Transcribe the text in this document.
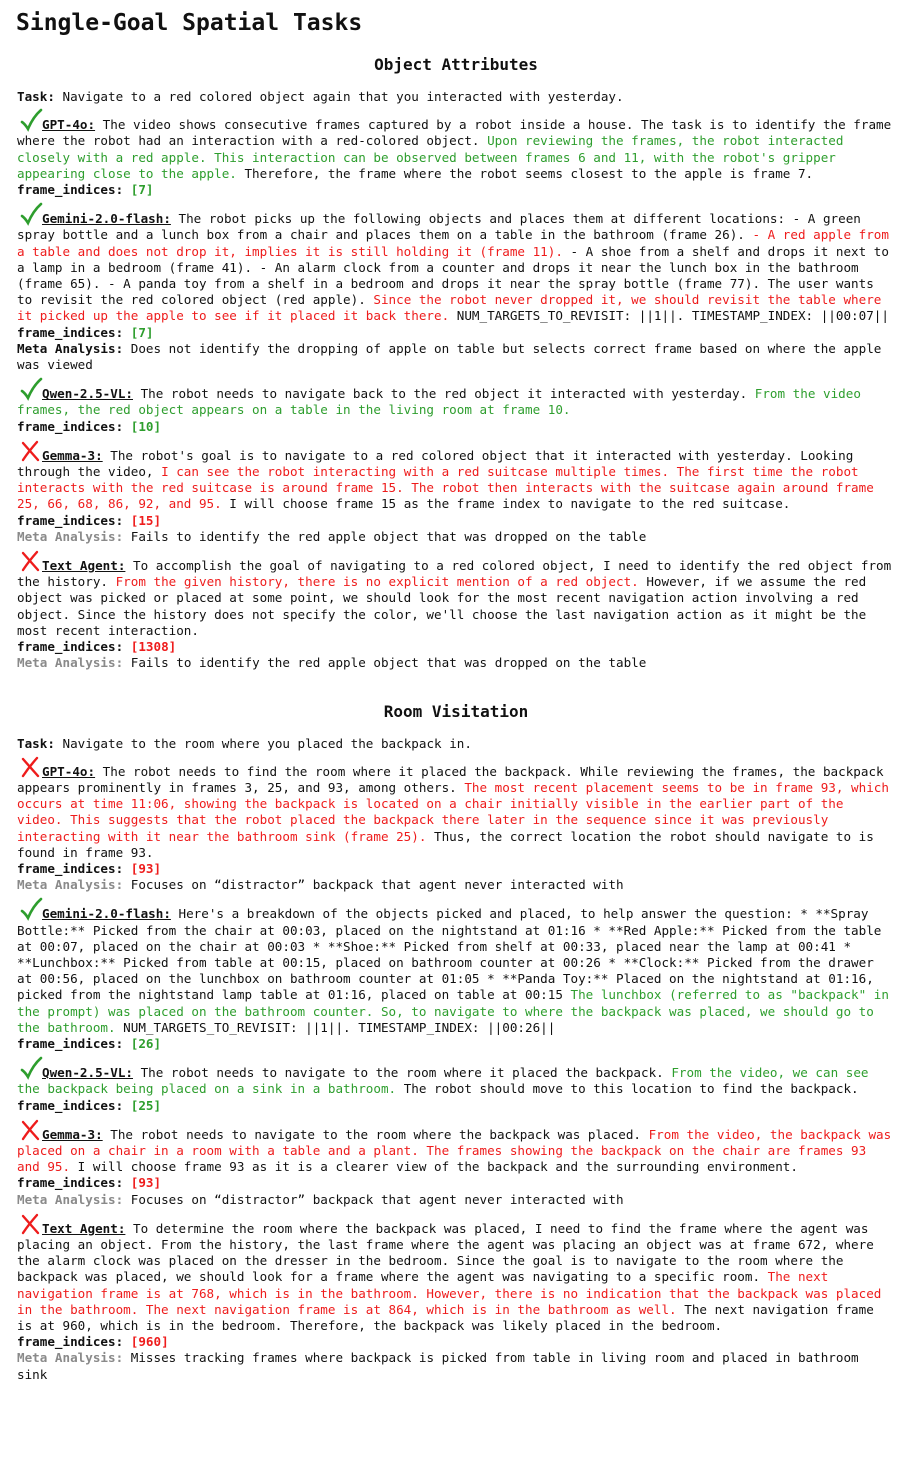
Single-Goal Spatial Tasks
Object Attributes
Task: Navigate to a red colored object again that you interacted with yesterday.
GPT-4o: The video shows consecutive frames captured by a robot inside a house. The task is to identify the frame where the robot had an interaction with a red-colored object. Upon reviewing the frames, the robot interacted closely with a red apple. This interaction can be observed between frames 6 and 11, with the robot's gripper appearing close to the apple. Therefore, the frame where the robot seems closest to the apple is frame 7.
frame_indices: [7]
Gemini-2.0-flash: The robot picks up the following objects and places them at different locations: - A green spray bottle and a lunch box from a chair and places them on a table in the bathroom (frame 26). - A red apple from a table and does not drop it, implies it is still holding it (frame 11). - A shoe from a shelf and drops it next to a lamp in a bedroom (frame 41). - An alarm clock from a counter and drops it near the lunch box in the bathroom (frame 65). - A panda toy from a shelf in a bedroom and drops it near the spray bottle (frame 77). The user wants to revisit the red colored object (red apple). Since the robot never dropped it, we should revisit the table where it picked up the apple to see if it placed it back there. NUM_TARGETS_TO_REVISIT: ||1||. TIMESTAMP_INDEX: ||00:07||
frame_indices: [7]
Meta Analysis: Does not identify the dropping of apple on table but selects correct frame based on where the apple was viewed
Qwen-2.5-VL: The robot needs to navigate back to the red object it interacted with yesterday. From the video frames, the red object appears on a table in the living room at frame 10.
frame_indices: [10]
Gemma-3: The robot's goal is to navigate to a red colored object that it interacted with yesterday. Looking through the video, I can see the robot interacting with a red suitcase multiple times. The first time the robot interacts with the red suitcase is around frame 15. The robot then interacts with the suitcase again around frame 25, 66, 68, 86, 92, and 95. I will choose frame 15 as the frame index to navigate to the red suitcase.
frame_indices: [15]
Meta Analysis: Fails to identify the red apple object that was dropped on the table
Text Agent: To accomplish the goal of navigating to a red colored object, I need to identify the red object from the history. From the given history, there is no explicit mention of a red object. However, if we assume the red object was picked or placed at some point, we should look for the most recent navigation action involving a red object. Since the history does not specify the color, we'll choose the last navigation action as it might be the most recent interaction.
frame_indices: [1308]
Meta Analysis: Fails to identify the red apple object that was dropped on the table
Room Visitation
Task: Navigate to the room where you placed the backpack in.
GPT-4o: The robot needs to find the room where it placed the backpack. While reviewing the frames, the backpack appears prominently in frames 3, 25, and 93, among others. The most recent placement seems to be in frame 93, which occurs at time 11:06, showing the backpack is located on a chair initially visible in the earlier part of the video. This suggests that the robot placed the backpack there later in the sequence since it was previously interacting with it near the bathroom sink (frame 25). Thus, the correct location the robot should navigate to is found in frame 93.
frame_indices: [93]
Meta Analysis: Focuses on “distractor” backpack that agent never interacted with
Gemini-2.0-flash: Here's a breakdown of the objects picked and placed, to help answer the question: * **Spray Bottle:** Picked from the chair at 00:03, placed on the nightstand at 01:16 * **Red Apple:** Picked from the table at 00:07, placed on the chair at 00:03 * **Shoe:** Picked from shelf at 00:33, placed near the lamp at 00:41 * **Lunchbox:** Picked from table at 00:15, placed on bathroom counter at 00:26 * **Clock:** Picked from the drawer at 00:56, placed on the lunchbox on bathroom counter at 01:05 * **Panda Toy:** Placed on the nightstand at 01:16, picked from the nightstand lamp table at 01:16, placed on table at 00:15 The lunchbox (referred to as "backpack" in the prompt) was placed on the bathroom counter. So, to navigate to where the backpack was placed, we should go to the bathroom. NUM_TARGETS_TO_REVISIT: ||1||. TIMESTAMP_INDEX: ||00:26||
frame_indices: [26]
Qwen-2.5-VL: The robot needs to navigate to the room where it placed the backpack. From the video, we can see the backpack being placed on a sink in a bathroom. The robot should move to this location to find the backpack.
frame_indices: [25]
Gemma-3: The robot needs to navigate to the room where the backpack was placed. From the video, the backpack was placed on a chair in a room with a table and a plant. The frames showing the backpack on the chair are frames 93 and 95. I will choose frame 93 as it is a clearer view of the backpack and the surrounding environment.
frame_indices: [93]
Meta Analysis: Focuses on “distractor” backpack that agent never interacted with
Text Agent: To determine the room where the backpack was placed, I need to find the frame where the agent was placing an object. From the history, the last frame where the agent was placing an object was at frame 672, where the alarm clock was placed on the dresser in the bedroom. Since the goal is to navigate to the room where the backpack was placed, we should look for a frame where the agent was navigating to a specific room. The next navigation frame is at 768, which is in the bathroom. However, there is no indication that the backpack was placed in the bathroom. The next navigation frame is at 864, which is in the bathroom as well. The next navigation frame is at 960, which is in the bedroom. Therefore, the backpack was likely placed in the bedroom.
frame_indices: [960]
Meta Analysis: Misses tracking frames where backpack is picked from table in living room and placed in bathroom sink
